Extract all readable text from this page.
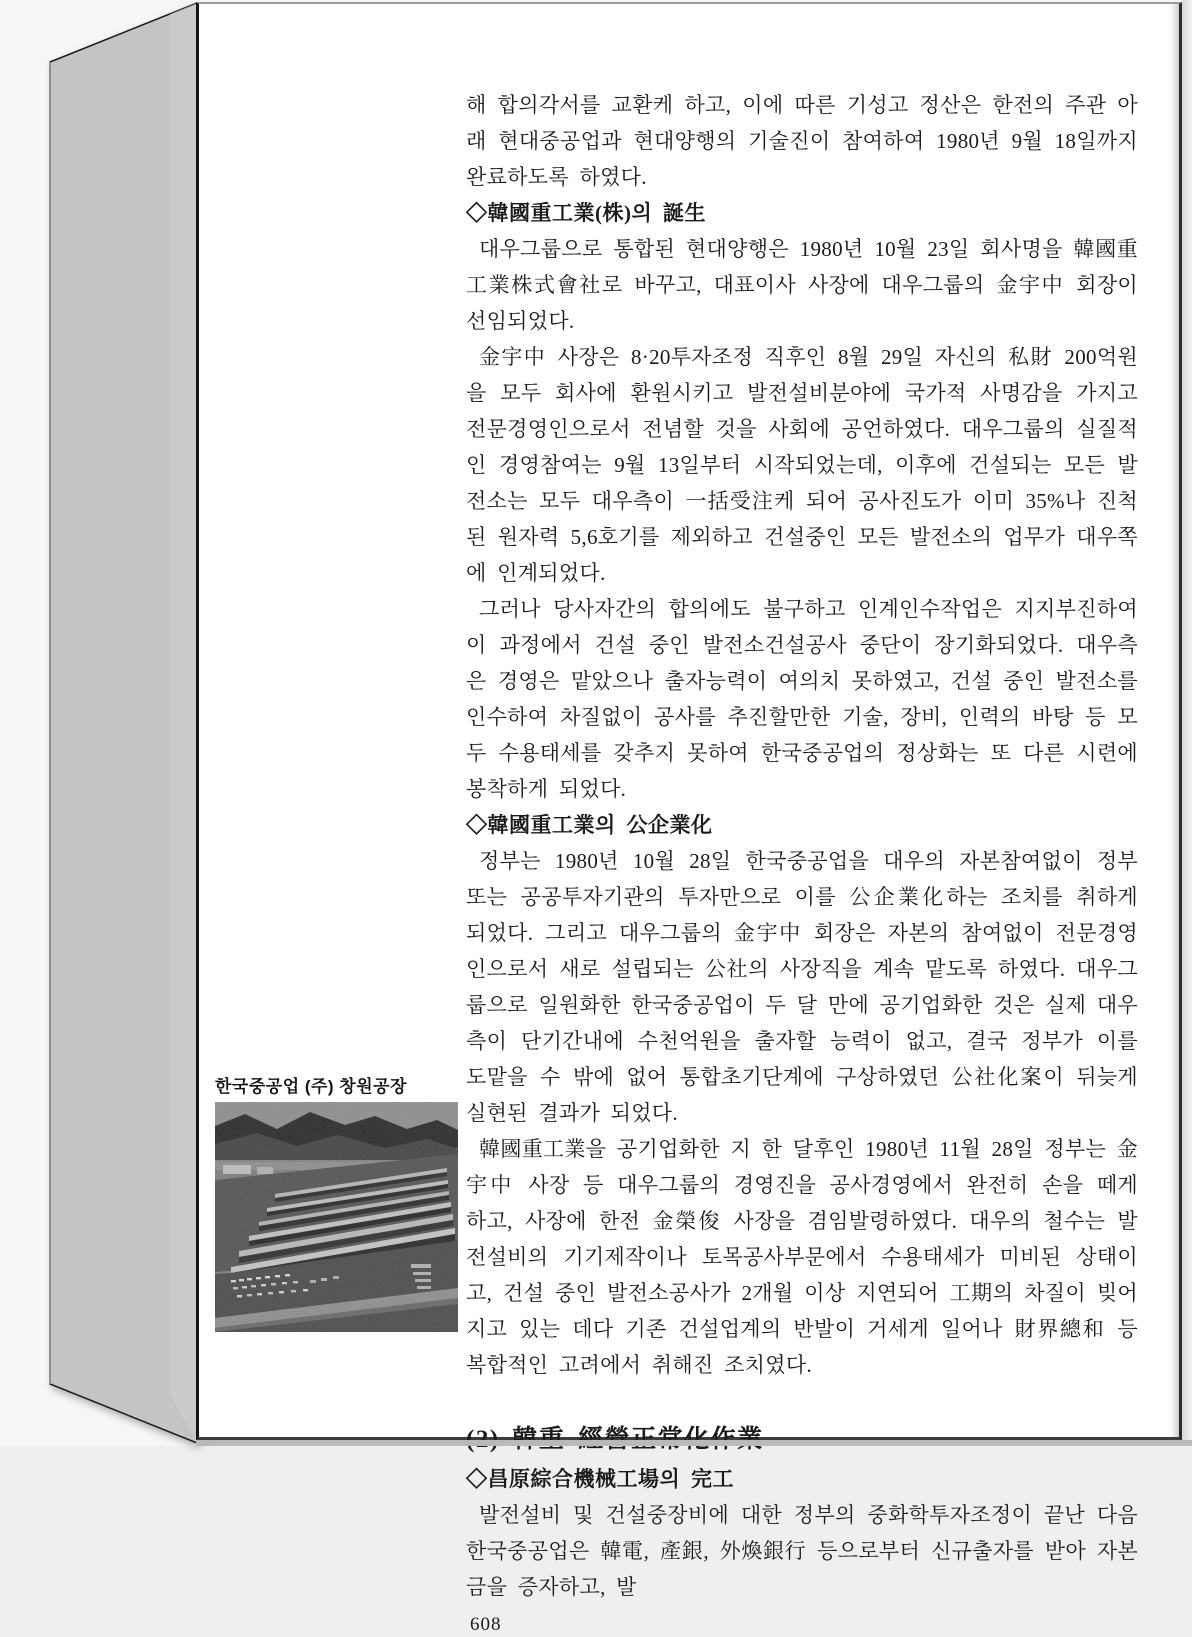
해 합의각서를 교환케 하고, 이에 따른 기성고 정산은 한전의 주관 아래 현대중공업과 현대양행의 기술진이 참여하여 1980년 9월 18일까지 완료하도록 하였다.

◇韓國重工業(株)의 誕生

대우그룹으로 통합된 현대양행은 1980년 10월 23일 회사명을 韓國重工業株式會社로 바꾸고, 대표이사 사장에 대우그룹의 金宇中 회장이 선임되었다.

金宇中 사장은 8·20투자조정 직후인 8월 29일 자신의 私財 200억원을 모두 회사에 환원시키고 발전설비분야에 국가적 사명감을 가지고 전문경영인으로서 전념할 것을 사회에 공언하였다. 대우그룹의 실질적인 경영참여는 9월 13일부터 시작되었는데, 이후에 건설되는 모든 발전소는 모두 대우측이 一括受注케 되어 공사진도가 이미 35%나 진척된 원자력 5,6호기를 제외하고 건설중인 모든 발전소의 업무가 대우쪽에 인계되었다.

그러나 당사자간의 합의에도 불구하고 인계인수작업은 지지부진하여 이 과정에서 건설 중인 발전소건설공사 중단이 장기화되었다. 대우측은 경영은 맡았으나 출자능력이 여의치 못하였고, 건설 중인 발전소를 인수하여 차질없이 공사를 추진할만한 기술, 장비, 인력의 바탕 등 모두 수용태세를 갖추지 못하여 한국중공업의 정상화는 또 다른 시련에 봉착하게 되었다.

◇韓國重工業의 公企業化

정부는 1980년 10월 28일 한국중공업을 대우의 자본참여없이 정부 또는 공공투자기관의 투자만으로 이를 公企業化하는 조치를 취하게 되었다. 그리고 대우그룹의 金宇中 회장은 자본의 참여없이 전문경영인으로서 새로 설립되는 公社의 사장직을 계속 맡도록 하였다. 대우그룹으로 일원화한 한국중공업이 두 달 만에 공기업화한 것은 실제 대우측이 단기간내에 수천억원을 출자할 능력이 없고, 결국 정부가 이를 도맡을 수 밖에 없어 통합초기단계에 구상하였던 公社化案이 뒤늦게 실현된 결과가 되었다.

韓國重工業을 공기업화한 지 한 달후인 1980년 11월 28일 정부는 金宇中 사장 등 대우그룹의 경영진을 공사경영에서 완전히 손을 떼게 하고, 사장에 한전 金榮俊 사장을 겸임발령하였다. 대우의 철수는 발전설비의 기기제작이나 토목공사부문에서 수용태세가 미비된 상태이고, 건설 중인 발전소공사가 2개월 이상 지연되어 工期의 차질이 빚어지고 있는 데다 기존 건설업계의 반발이 거세게 일어나 財界總和 등 복합적인 고려에서 취해진 조치였다.

◇昌原綜合機械工場의 完工

발전설비 및 건설중장비에 대한 정부의 중화학투자조정이 끝난 다음 한국중공업은 韓電, 產銀, 外煥銀行 등으로부터 신규출자를 받아 자본금을 증자하고, 발

608
한국중공업 (주) 창원공장
